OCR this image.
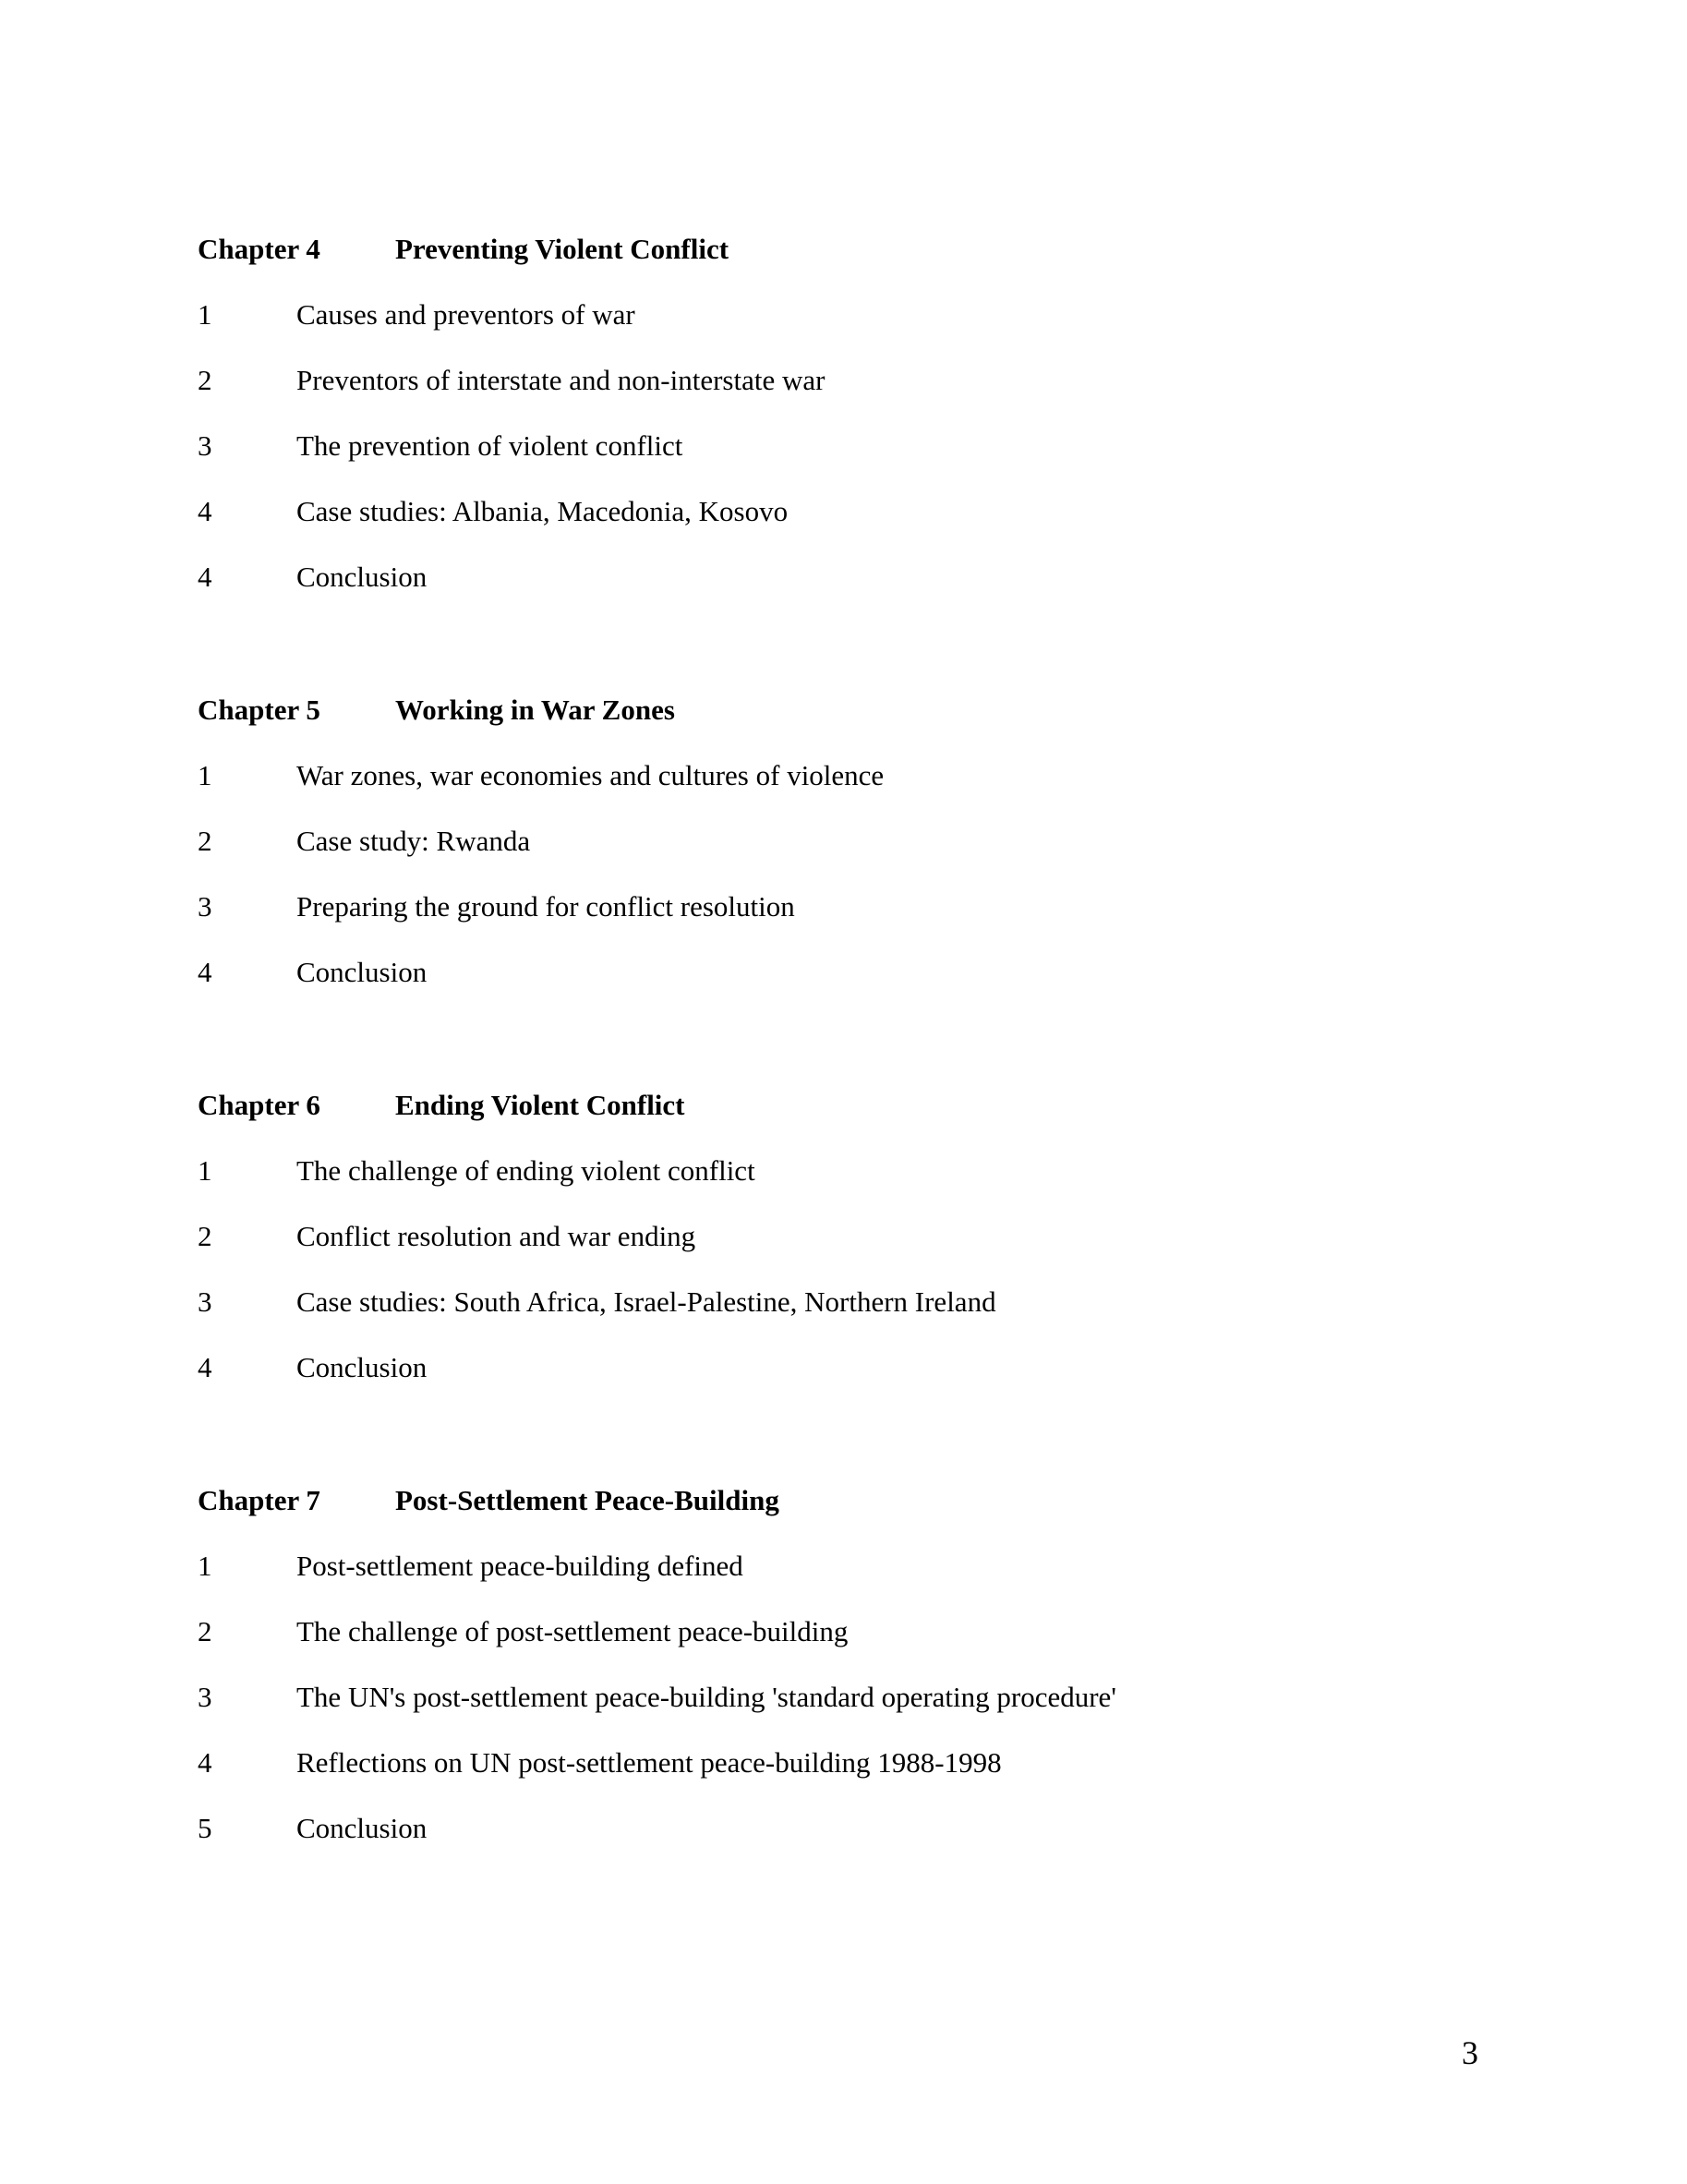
Chapter 4	Preventing Violent Conflict
1	Causes and preventors of war
2	Preventors of interstate and non-interstate war
3	The prevention of violent conflict
4	Case studies: Albania, Macedonia, Kosovo
4	Conclusion
Chapter 5	Working in War Zones
1	War zones, war economies and cultures of violence
2	Case study: Rwanda
3	Preparing the ground for conflict resolution
4	Conclusion
Chapter 6	Ending Violent Conflict
1	The challenge of ending violent conflict
2	Conflict resolution and war ending
3	Case studies: South Africa, Israel-Palestine, Northern Ireland
4	Conclusion
Chapter 7	Post-Settlement Peace-Building
1	Post-settlement peace-building defined
2	The challenge of post-settlement peace-building
3	The UN's post-settlement peace-building 'standard operating procedure'
4	Reflections on UN post-settlement peace-building 1988-1998
5	Conclusion
3
